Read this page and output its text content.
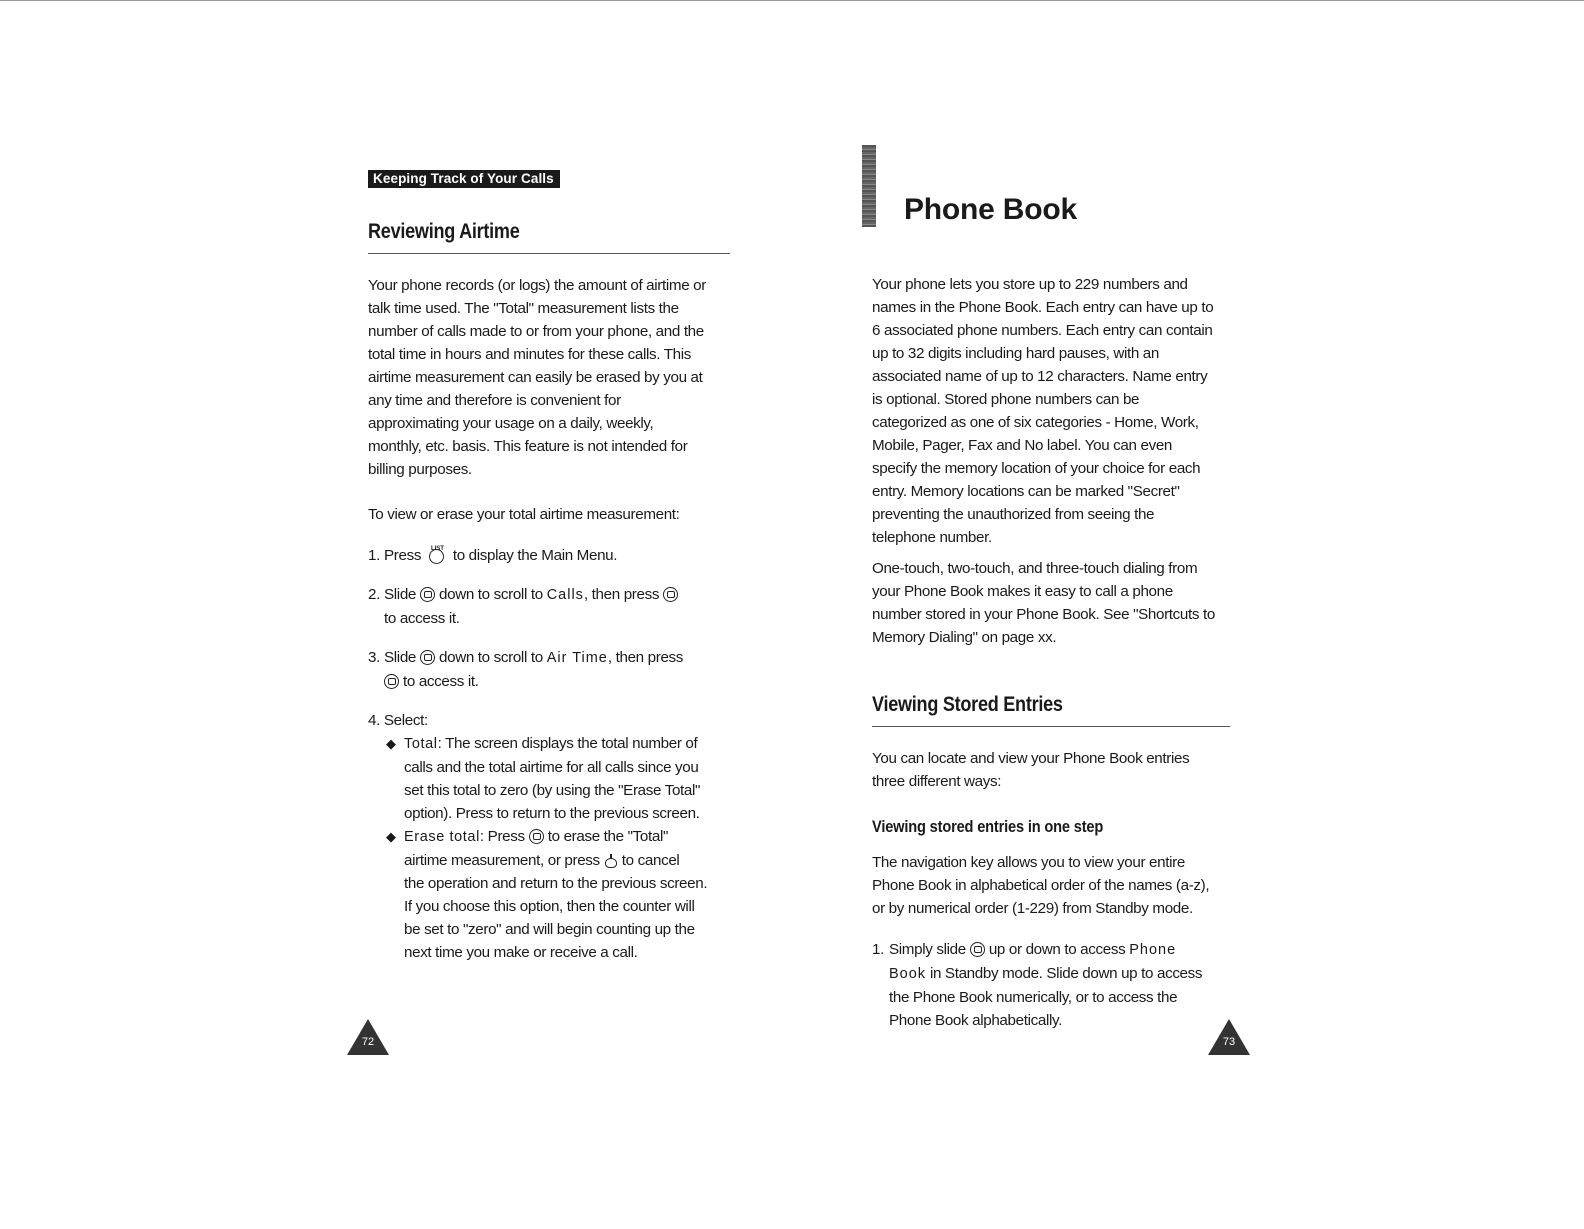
Keeping Track of Your Calls
Reviewing Airtime

Your phone records (or logs) the amount of airtime or
talk time used. The "Total" measurement lists the
number of calls made to or from your phone, and the
total time in hours and minutes for these calls. This
airtime measurement can easily be erased by you at
any time and therefore is convenient for
approximating your usage on a daily, weekly,
monthly, etc. basis. This feature is not intended for
billing purposes.

To view or erase your total airtime measurement:

1. Press LIST to display the Main Menu.
2. Slide down to scroll to Calls, then press
to access it.
3. Slide down to scroll to Air Time, then press
to access it.
4. Select:
◆ Total: The screen displays the total number of
calls and the total airtime for all calls since you
set this total to zero (by using the "Erase Total"
option). Press to return to the previous screen.
◆ Erase total: Press to erase the "Total"
airtime measurement, or press to cancel
the operation and return to the previous screen.
If you choose this option, then the counter will
be set to "zero" and will begin counting up the
next time you make or receive a call.
72
Phone Book

Your phone lets you store up to 229 numbers and
names in the Phone Book. Each entry can have up to
6 associated phone numbers. Each entry can contain
up to 32 digits including hard pauses, with an
associated name of up to 12 characters. Name entry
is optional. Stored phone numbers can be
categorized as one of six categories - Home, Work,
Mobile, Pager, Fax and No label. You can even
specify the memory location of your choice for each
entry. Memory locations can be marked "Secret"
preventing the unauthorized from seeing the
telephone number.

One-touch, two-touch, and three-touch dialing from
your Phone Book makes it easy to call a phone
number stored in your Phone Book. See "Shortcuts to
Memory Dialing" on page xx.

Viewing Stored Entries

You can locate and view your Phone Book entries
three different ways:

Viewing stored entries in one step

The navigation key allows you to view your entire
Phone Book in alphabetical order of the names (a-z),
or by numerical order (1-229) from Standby mode.

1. Simply slide up or down to access Phone
Book in Standby mode. Slide down up to access
the Phone Book numerically, or to access the
Phone Book alphabetically.
73
